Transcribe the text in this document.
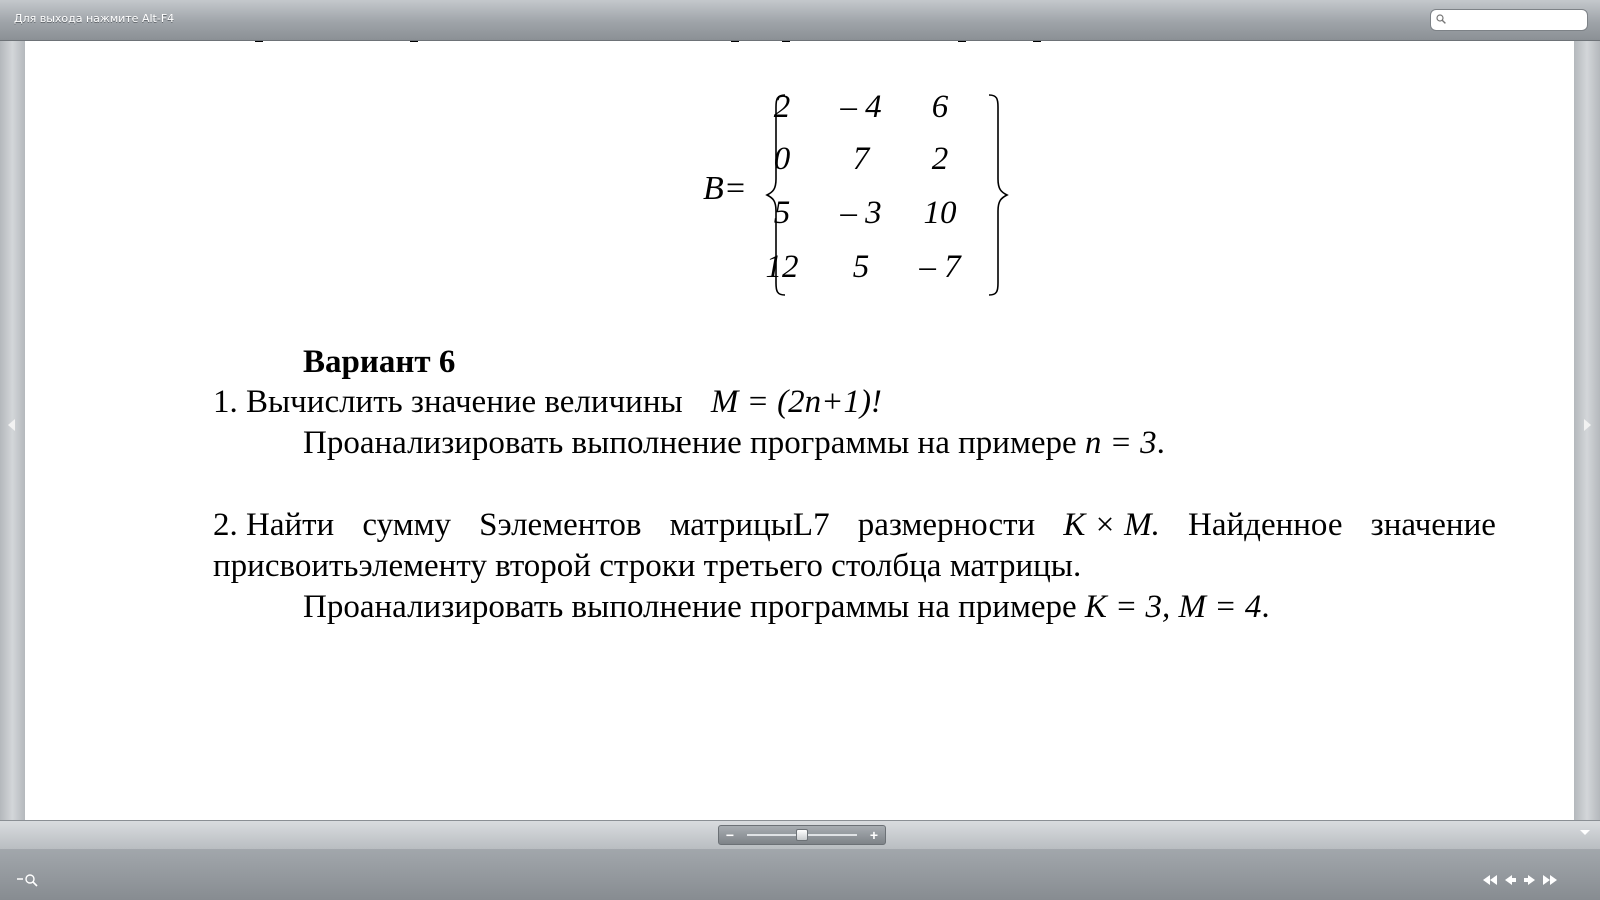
Для выхода нажмите Alt-F4
B=
2	– 4	6
0	7	2
5	– 3	10
12	5	– 7
Вариант 6
1. Вычислить значение величины M = (2n+1)!
Проанализировать выполнение программы на примере n = 3.
2. Найти сумму Sэлементов матрицыL7 размерности К × М. Найденное значение
присвоитьэлементу второй строки третьего столбца матрицы.
Проанализировать выполнение программы на примере К = 3, М = 4.
−	+
